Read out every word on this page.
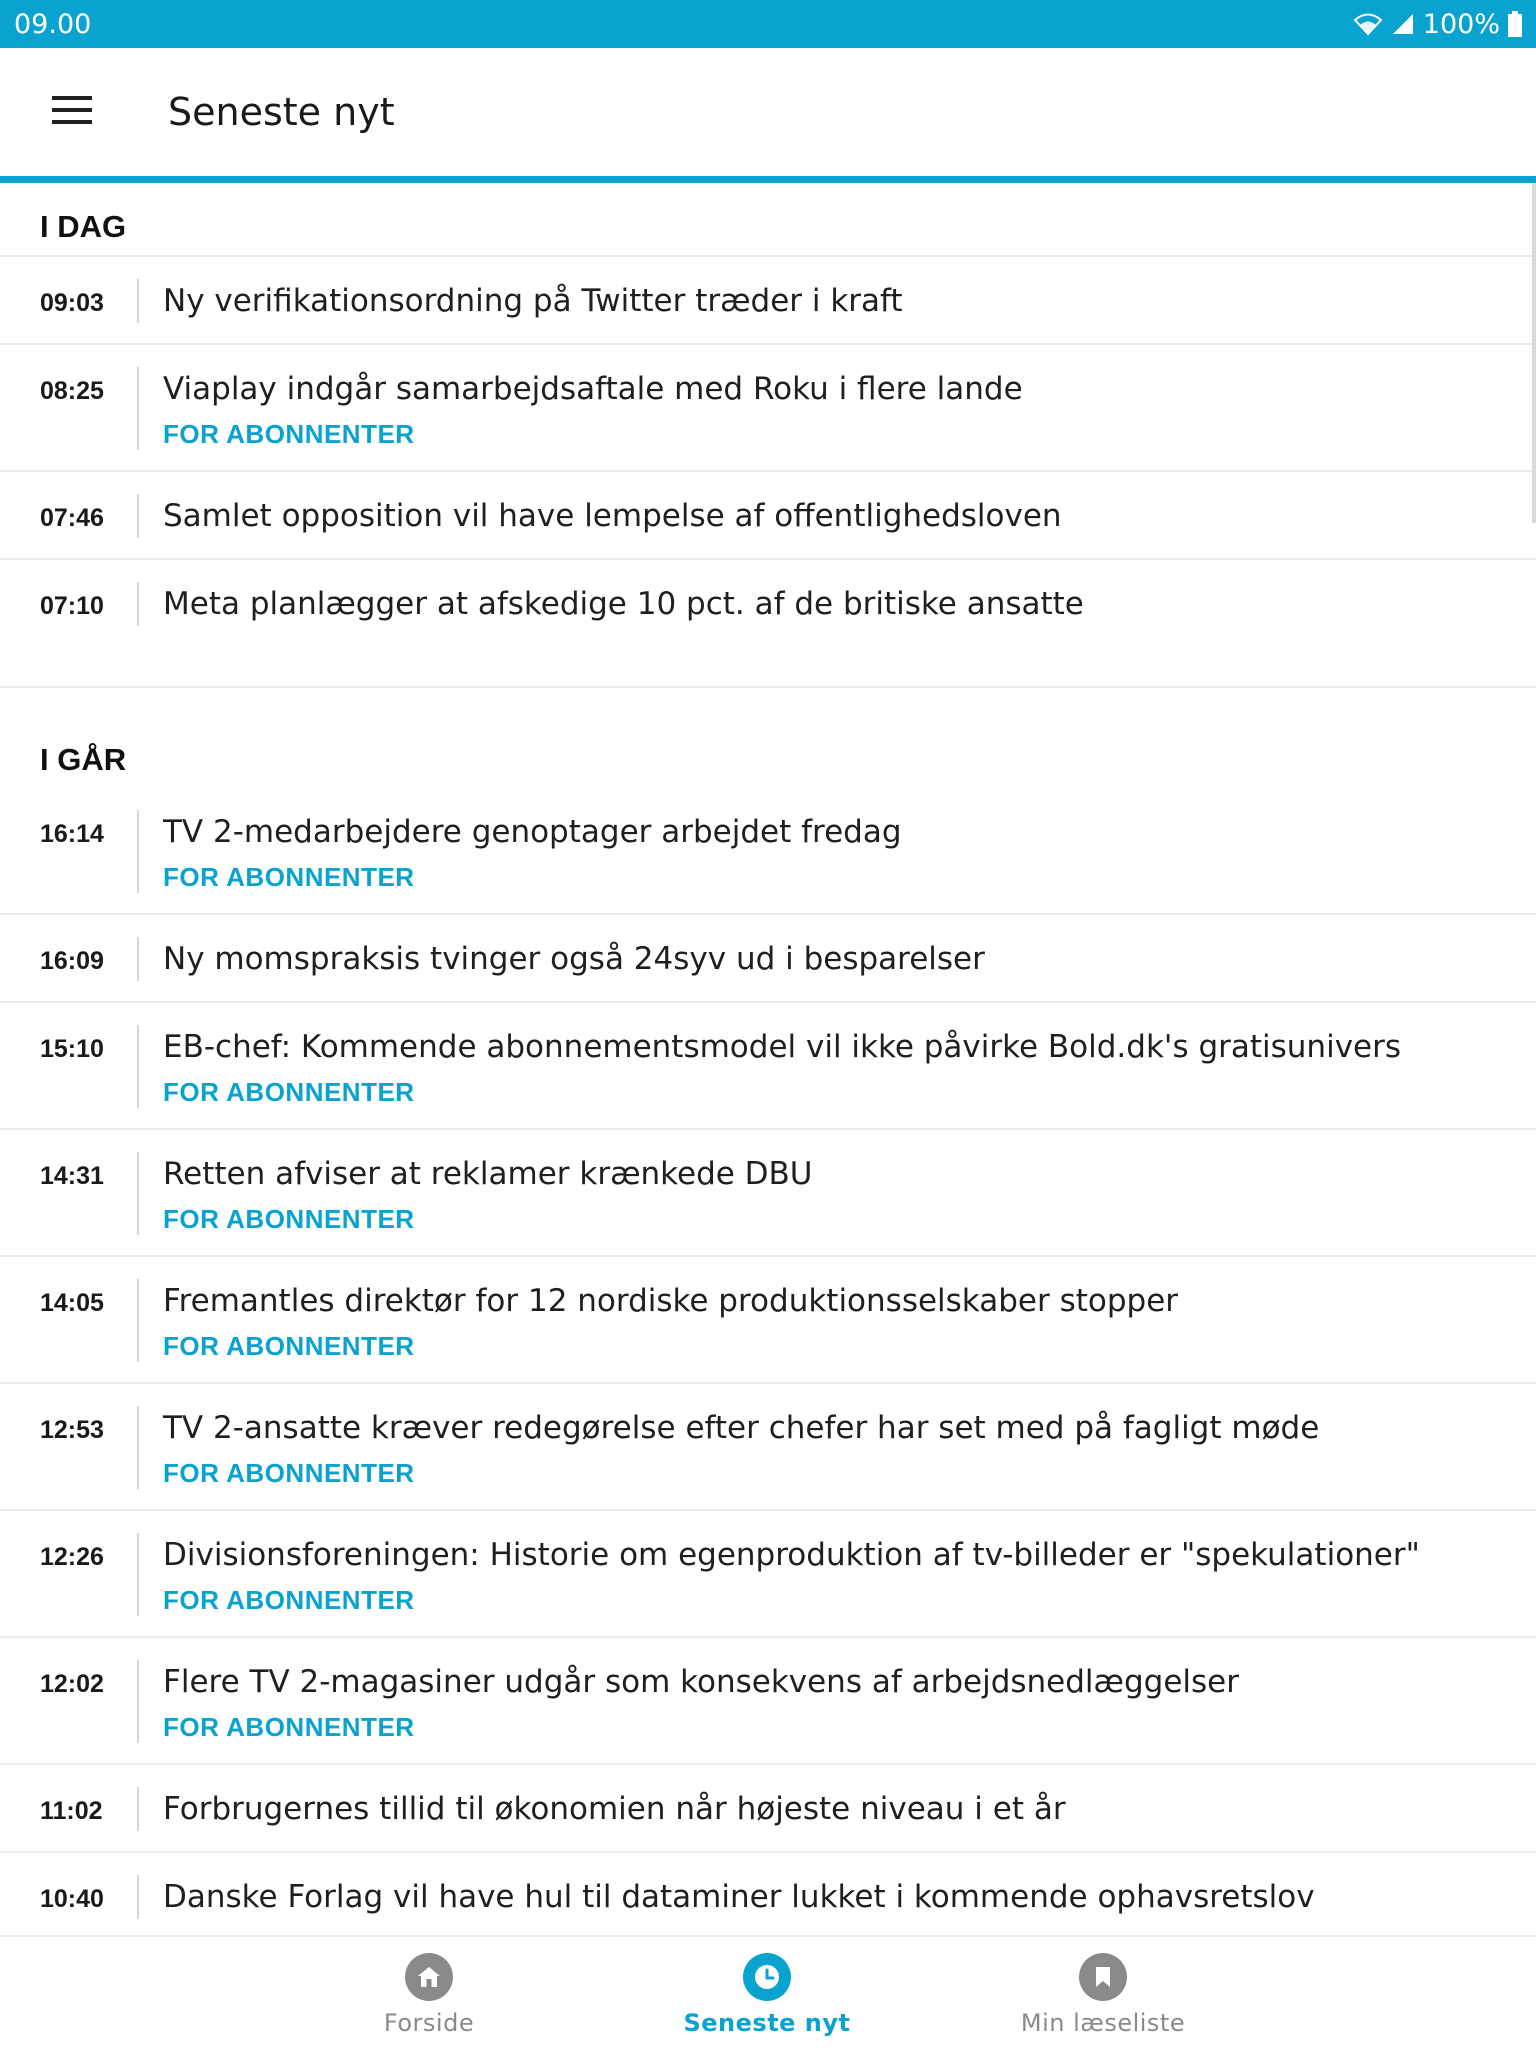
09.00	100%
Seneste nyt
I DAG
09:03	Ny verifikationsordning på Twitter træder i kraft
08:25	Viaplay indgår samarbejdsaftale med Roku i flere lande
FOR ABONNENTER
07:46	Samlet opposition vil have lempelse af offentlighedsloven
07:10	Meta planlægger at afskedige 10 pct. af de britiske ansatte
I GÅR
16:14	TV 2-medarbejdere genoptager arbejdet fredag
FOR ABONNENTER
16:09	Ny momspraksis tvinger også 24syv ud i besparelser
15:10	EB-chef: Kommende abonnementsmodel vil ikke påvirke Bold.dk's gratisunivers
FOR ABONNENTER
14:31	Retten afviser at reklamer krænkede DBU
FOR ABONNENTER
14:05	Fremantles direktør for 12 nordiske produktionsselskaber stopper
FOR ABONNENTER
12:53	TV 2-ansatte kræver redegørelse efter chefer har set med på fagligt møde
FOR ABONNENTER
12:26	Divisionsforeningen: Historie om egenproduktion af tv-billeder er "spekulationer"
FOR ABONNENTER
12:02	Flere TV 2-magasiner udgår som konsekvens af arbejdsnedlæggelser
FOR ABONNENTER
11:02	Forbrugernes tillid til økonomien når højeste niveau i et år
10:40	Danske Forlag vil have hul til dataminer lukket i kommende ophavsretslov
Forside	Seneste nyt	Min læseliste
